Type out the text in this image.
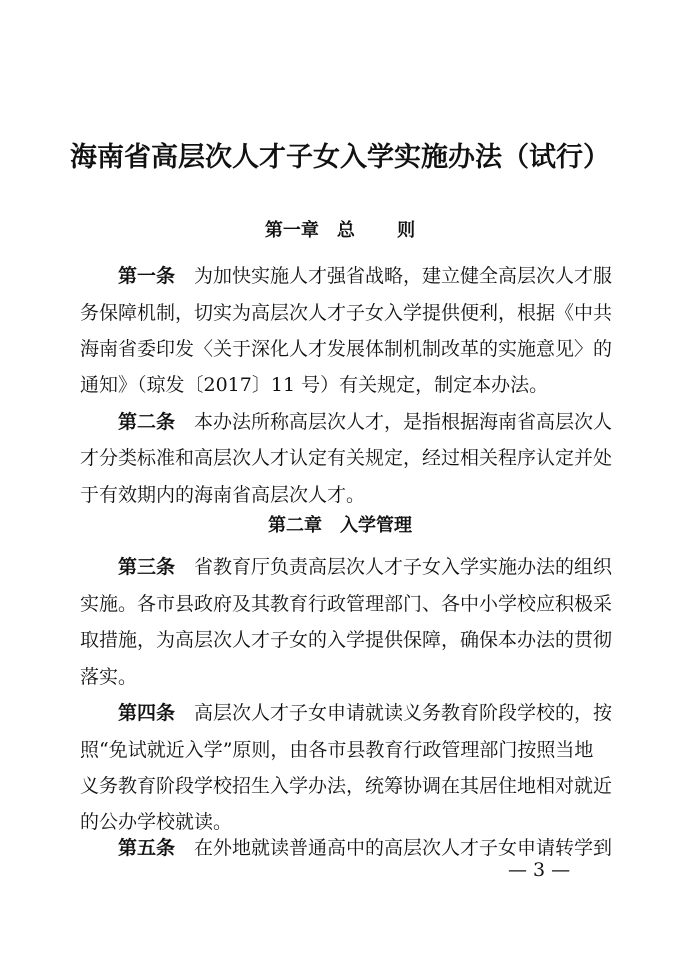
海南省高层次人才子女入学实施办法（试行）
第一章 总 则
第一条 为加快实施人才强省战略，建立健全高层次人才服
务保障机制，切实为高层次人才子女入学提供便利，根据《中共
海南省委印发〈关于深化人才发展体制机制改革的实施意见〉的
通知》（琼发〔2017〕11 号）有关规定，制定本办法。
第二条 本办法所称高层次人才，是指根据海南省高层次人
才分类标准和高层次人才认定有关规定，经过相关程序认定并处
于有效期内的海南省高层次人才。
第二章 入学管理
第三条 省教育厅负责高层次人才子女入学实施办法的组织
实施。各市县政府及其教育行政管理部门、各中小学校应积极采
取措施，为高层次人才子女的入学提供保障，确保本办法的贯彻
落实。
第四条 高层次人才子女申请就读义务教育阶段学校的，按
照“免试就近入学”原则，由各市县教育行政管理部门按照当地
义务教育阶段学校招生入学办法，统筹协调在其居住地相对就近
的公办学校就读。
第五条 在外地就读普通高中的高层次人才子女申请转学到
— 3 —
